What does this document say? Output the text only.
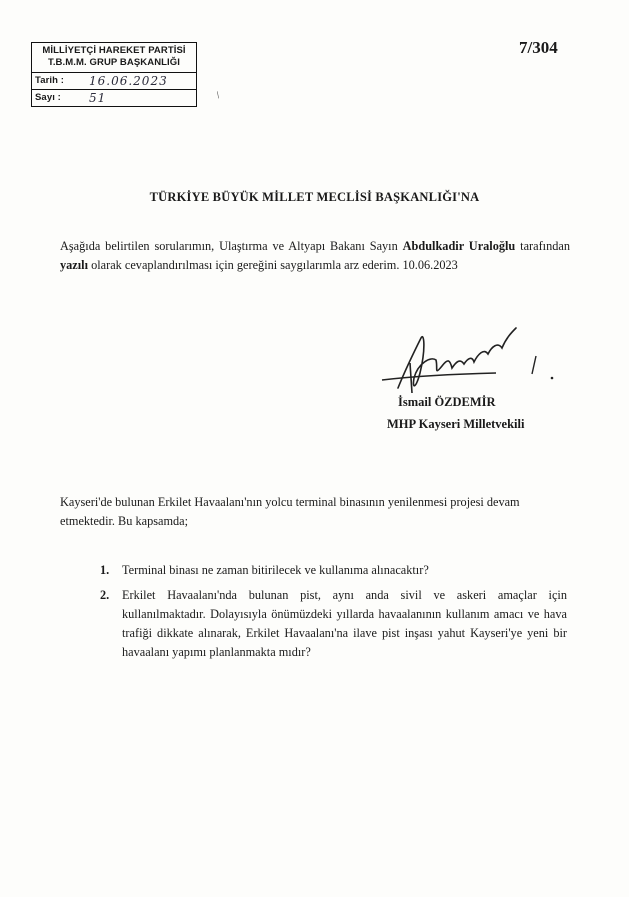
MİLLİYETÇİ HAREKET PARTİSİ
T.B.M.M. GRUP BAŞKANLIĞI
Tarih :	16.06.2023
Sayı :	51
7/304
/
TÜRKİYE BÜYÜK MİLLET MECLİSİ BAŞKANLIĞI'NA
Aşağıda belirtilen sorularımın, Ulaştırma ve Altyapı Bakanı Sayın Abdulkadir Uraloğlu tarafından yazılı olarak cevaplandırılması için gereğini saygılarımla arz ederim. 10.06.2023
İsmail ÖZDEMİR
MHP Kayseri Milletvekili
Kayseri'de bulunan Erkilet Havaalanı'nın yolcu terminal binasının yenilenmesi projesi devam etmektedir. Bu kapsamda;
1.	Terminal binası ne zaman bitirilecek ve kullanıma alınacaktır?
2.	Erkilet Havaalanı'nda bulunan pist, aynı anda sivil ve askeri amaçlar için kullanılmaktadır. Dolayısıyla önümüzdeki yıllarda havaalanının kullanım amacı ve hava trafiği dikkate alınarak, Erkilet Havaalanı'na ilave pist inşası yahut Kayseri'ye yeni bir havaalanı yapımı planlanmakta mıdır?
